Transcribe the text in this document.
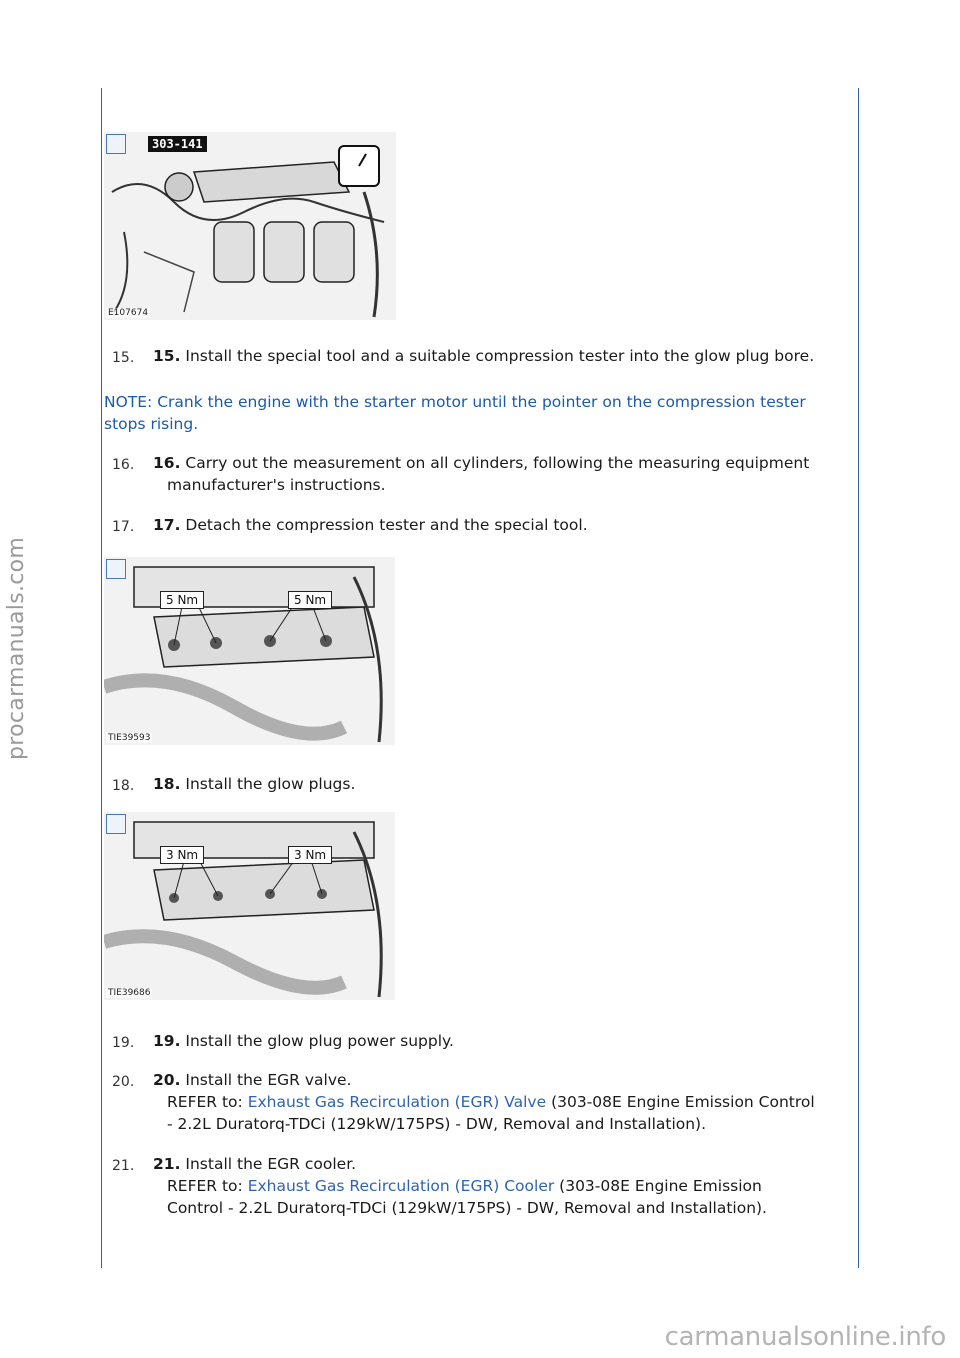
procarmanuals.com
carmanualsonline.info
303-141
E107674
15. 15. Install the special tool and a suitable compression tester into the glow plug bore.
NOTE: Crank the engine with the starter motor until the pointer on the compression tester stops rising.
16. 16. Carry out the measurement on all cylinders, following the measuring equipment
manufacturer's instructions.
17. 17. Detach the compression tester and the special tool.
5 Nm	5 Nm
TIE39593
18. 18. Install the glow plugs.
3 Nm	3 Nm
TIE39686
19. 19. Install the glow plug power supply.
20. 20. Install the EGR valve.
REFER to: Exhaust Gas Recirculation (EGR) Valve (303-08E Engine Emission Control
- 2.2L Duratorq-TDCi (129kW/175PS) - DW, Removal and Installation).
21. 21. Install the EGR cooler.
REFER to: Exhaust Gas Recirculation (EGR) Cooler (303-08E Engine Emission
Control - 2.2L Duratorq-TDCi (129kW/175PS) - DW, Removal and Installation).
